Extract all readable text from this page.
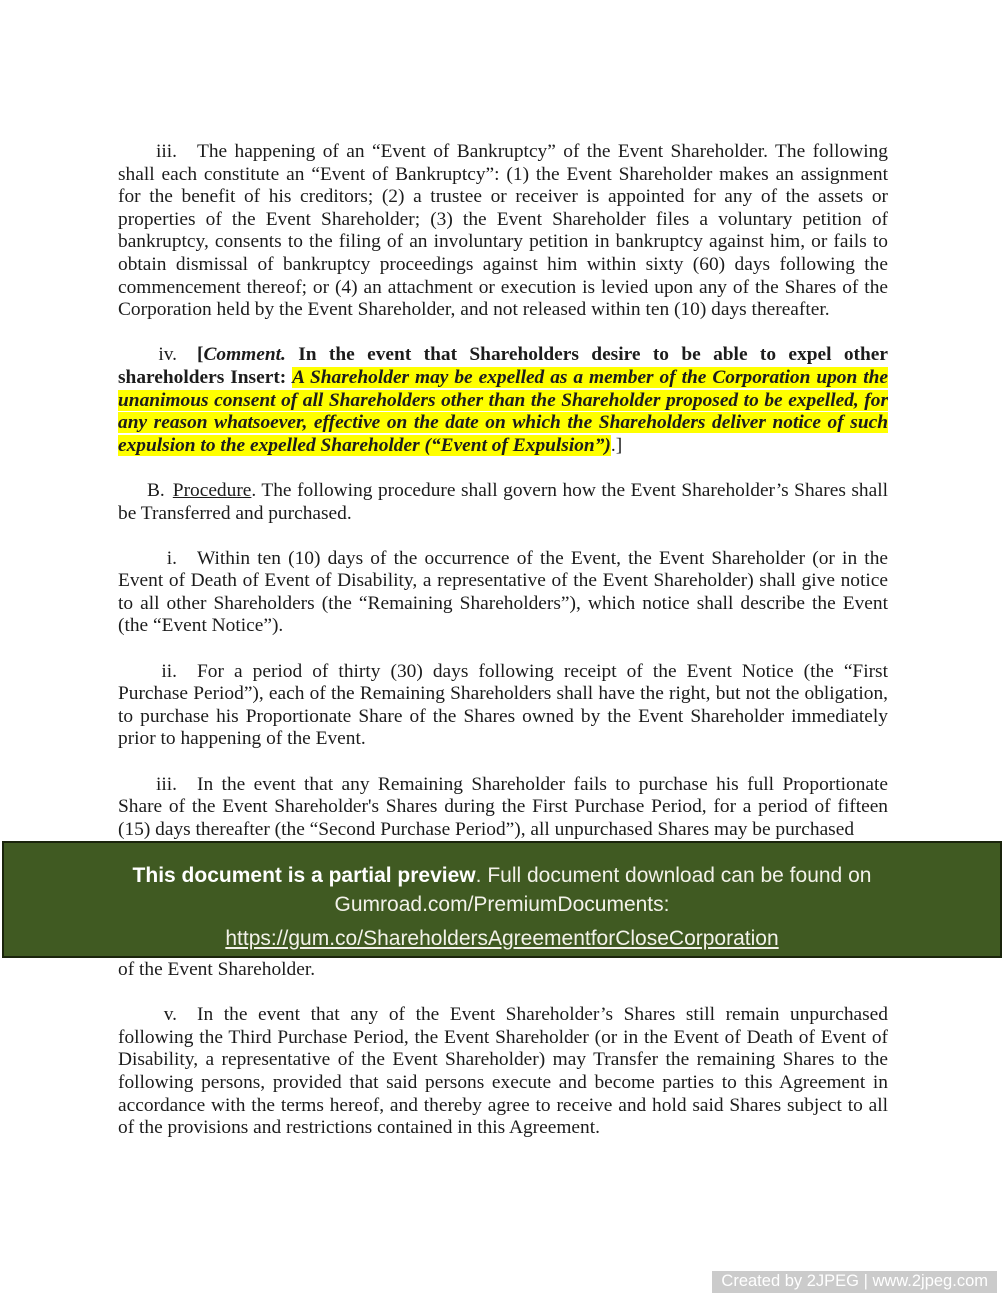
iii. The happening of an “Event of Bankruptcy” of the Event Shareholder. The following shall each constitute an “Event of Bankruptcy”: (1) the Event Shareholder makes an assignment for the benefit of his creditors; (2) a trustee or receiver is appointed for any of the assets or properties of the Event Shareholder; (3) the Event Shareholder files a voluntary petition of bankruptcy, consents to the filing of an involuntary petition in bankruptcy against him, or fails to obtain dismissal of bankruptcy proceedings against him within sixty (60) days following the commencement thereof; or (4) an attachment or execution is levied upon any of the Shares of the Corporation held by the Event Shareholder, and not released within ten (10) days thereafter.

iv. [Comment. In the event that Shareholders desire to be able to expel other shareholders Insert: A Shareholder may be expelled as a member of the Corporation upon the unanimous consent of all Shareholders other than the Shareholder proposed to be expelled, for any reason whatsoever, effective on the date on which the Shareholders deliver notice of such expulsion to the expelled Shareholder (“Event of Expulsion”).]

B. Procedure. The following procedure shall govern how the Event Shareholder’s Shares shall be Transferred and purchased.

i. Within ten (10) days of the occurrence of the Event, the Event Shareholder (or in the Event of Death of Event of Disability, a representative of the Event Shareholder) shall give notice to all other Shareholders (the “Remaining Shareholders”), which notice shall describe the Event (the “Event Notice”).

ii. For a period of thirty (30) days following receipt of the Event Notice (the “First Purchase Period”), each of the Remaining Shareholders shall have the right, but not the obligation, to purchase his Proportionate Share of the Shares owned by the Event Shareholder immediately prior to happening of the Event.

iii. In the event that any Remaining Shareholder fails to purchase his full Proportionate Share of the Event Shareholder's Shares during the First Purchase Period, for a period of fifteen (15) days thereafter (the “Second Purchase Period”), all unpurchased Shares may be purchased

This document is a partial preview. Full document download can be found on
Gumroad.com/PremiumDocuments:
https://gum.co/ShareholdersAgreementforCloseCorporation

of the Event Shareholder.

v. In the event that any of the Event Shareholder’s Shares still remain unpurchased following the Third Purchase Period, the Event Shareholder (or in the Event of Death of Event of Disability, a representative of the Event Shareholder) may Transfer the remaining Shares to the following persons, provided that said persons execute and become parties to this Agreement in accordance with the terms hereof, and thereby agree to receive and hold said Shares subject to all of the provisions and restrictions contained in this Agreement.

Created by 2JPEG | www.2jpeg.com
